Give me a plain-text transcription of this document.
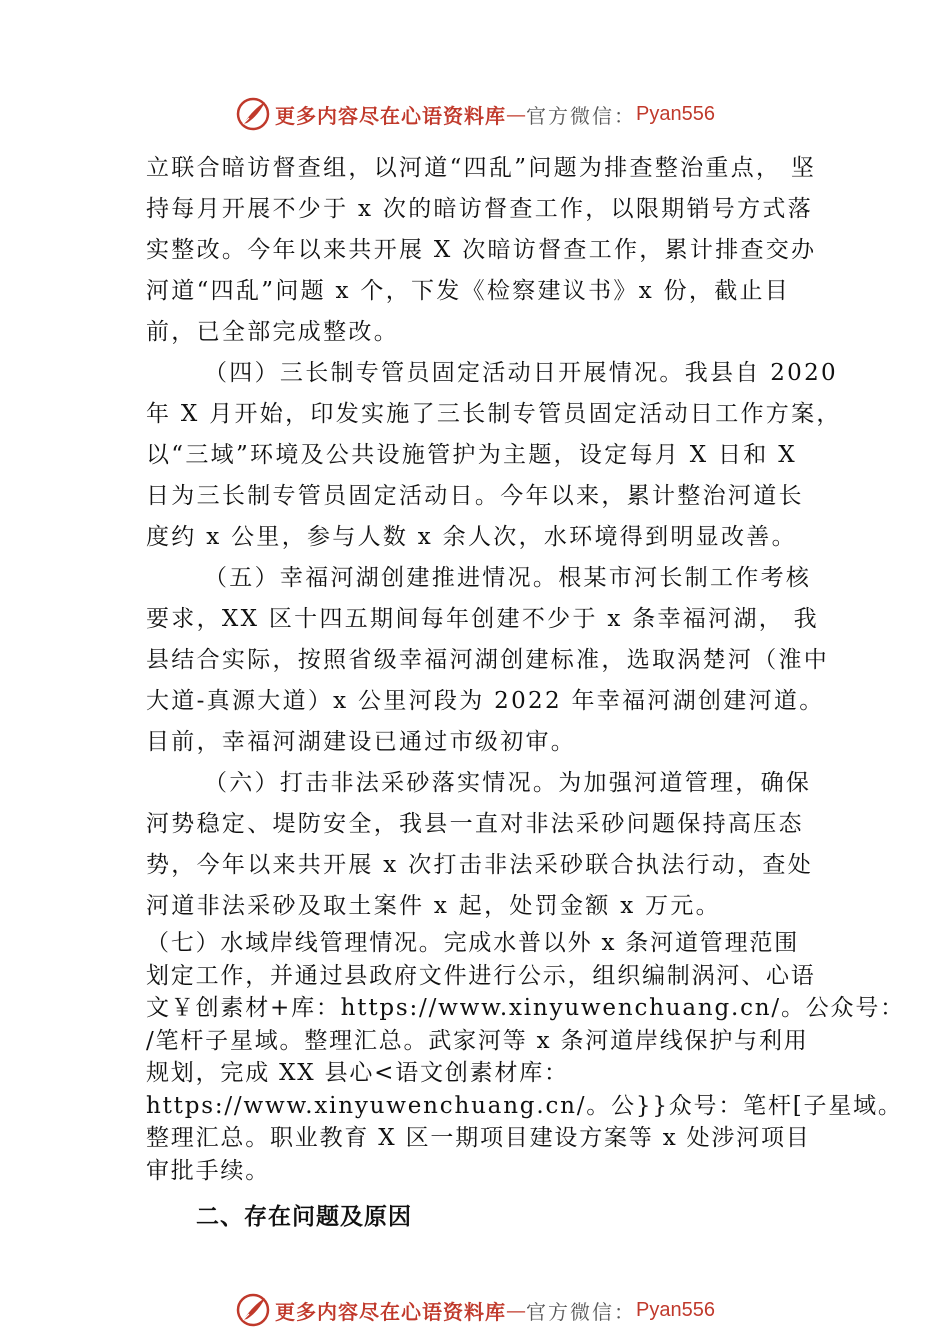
更多内容尽在心语资料库 — 官方微信： Pyan556
立联合暗访督查组，以河道“四乱”问题为排查整治重点， 坚
持每月开展不少于 x 次的暗访督查工作，以限期销号方式落
实整改。今年以来共开展 X 次暗访督查工作，累计排查交办
河道“四乱”问题 x 个，下发《检察建议书》x 份，截止目
前，已全部完成整改。
（四）三长制专管员固定活动日开展情况。我县自 2020
年 X 月开始，印发实施了三长制专管员固定活动日工作方案，
以“三域”环境及公共设施管护为主题，设定每月 X 日和 X
日为三长制专管员固定活动日。今年以来，累计整治河道长
度约 x 公里，参与人数 x 余人次，水环境得到明显改善。
（五）幸福河湖创建推进情况。根某市河长制工作考核
要求，XX 区十四五期间每年创建不少于 x 条幸福河湖， 我
县结合实际，按照省级幸福河湖创建标准，选取涡楚河（淮中
大道-真源大道）x 公里河段为 2022 年幸福河湖创建河道。
目前，幸福河湖建设已通过市级初审。
（六）打击非法采砂落实情况。为加强河道管理，确保
河势稳定、堤防安全，我县一直对非法采砂问题保持高压态
势，今年以来共开展 x 次打击非法采砂联合执法行动，查处
河道非法采砂及取土案件 x 起，处罚金额 x 万元。
（七）水域岸线管理情况。完成水普以外 x 条河道管理范围
划定工作，并通过县政府文件进行公示，组织编制涡河、心语
文￥创素材+库：https://www.xinyuwenchuang.cn/。公众号：
/笔杆子星域。整理汇总。武家河等 x 条河道岸线保护与利用
规划，完成 XX 县心<语文创素材库：
https://www.xinyuwenchuang.cn/。公}}众号：笔杆[子星域。
整理汇总。职业教育 X 区一期项目建设方案等 x 处涉河项目
审批手续。
二、存在问题及原因
更多内容尽在心语资料库 — 官方微信： Pyan556
